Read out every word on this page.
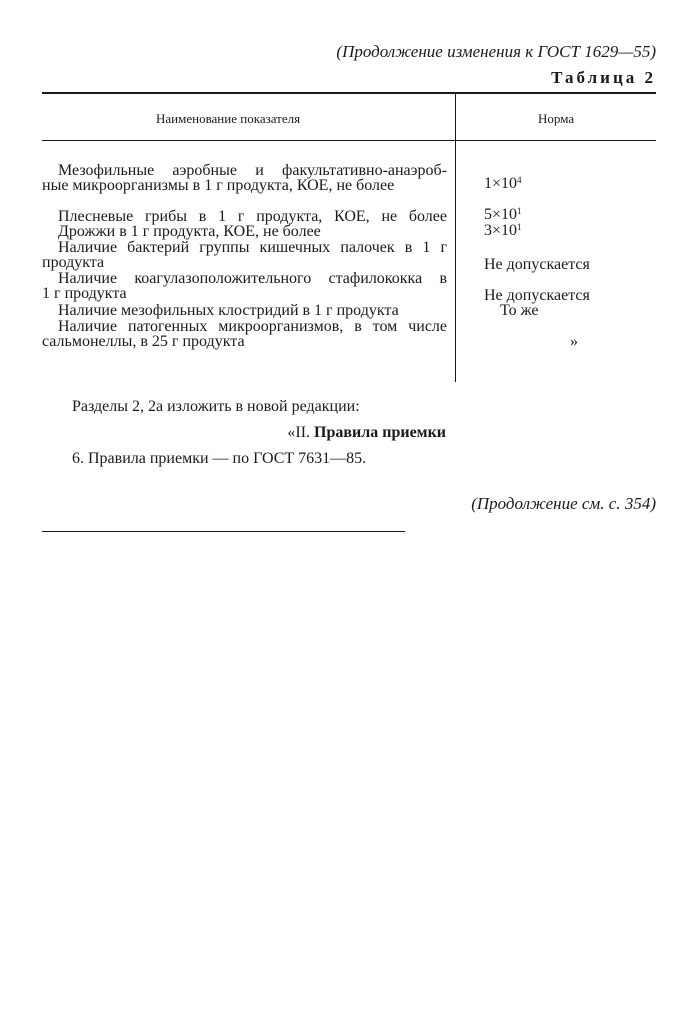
(Продолжение изменения к ГОСТ 1629—55)
Таблица 2
Наименование показателя	Норма
Мезофильные аэробные и факультативно-анаэроб-
ные микроорганизмы в 1 г продукта, КОЕ, не более	$1\times 10^4$
Плесневые грибы в 1 г продукта, КОЕ, не более $5\times 10^1$
Дрожжи в 1 г продукта, КОЕ, не более	$3\times 10^1$
Наличие бактерий группы кишечных палочек в 1 г
продукта	Не допускается
Наличие коагулазоположительного стафилококка в
1 г продукта	Не допускается
Наличие мезофильных клостридий в 1 г продукта	То же
Наличие патогенных микроорганизмов, в том числе
сальмонеллы, в 25 г продукта	»
Разделы 2, 2а изложить в новой редакции:
«II. Правила приемки
6. Правила приемки — по ГОСТ 7631—85.
(Продолжение см. с. 354)
